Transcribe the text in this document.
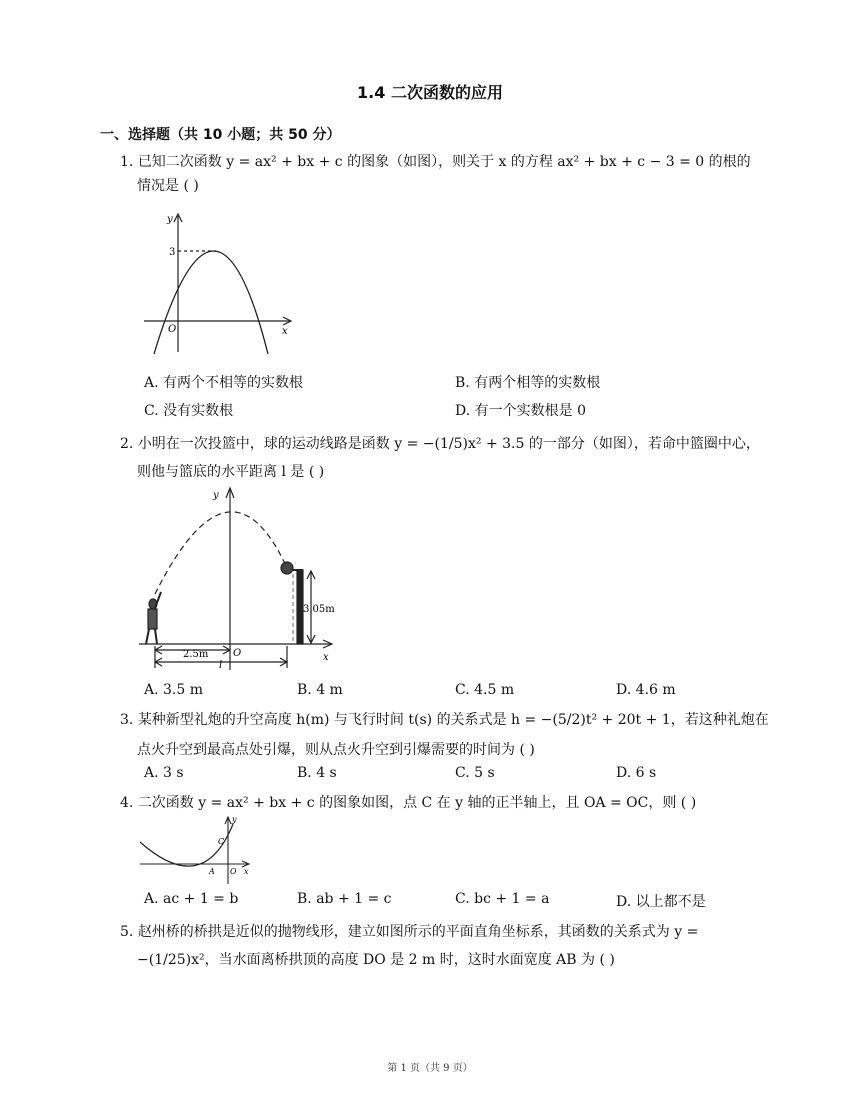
1.4 二次函数的应用
一、选择题（共 10 小题；共 50 分）
1. 已知二次函数 y = ax² + bx + c 的图象（如图），则关于 x 的方程 ax² + bx + c − 3 = 0 的根的
情况是 ( )
y
x
O
3
A. 有两个不相等的实数根	B. 有两个相等的实数根
C. 没有实数根	D. 有一个实数根是 0
2. 小明在一次投篮中，球的运动线路是函数 y = −(1/5)x² + 3.5 的一部分（如图），若命中篮圈中心，
则他与篮底的水平距离 l 是 ( )
y
x
O
2.5m
l
3.05m
A. 3.5 m	B. 4 m	C. 4.5 m	D. 4.6 m
3. 某种新型礼炮的升空高度 h(m) 与飞行时间 t(s) 的关系式是 h = −(5/2)t² + 20t + 1，若这种礼炮在
点火升空到最高点处引爆，则从点火升空到引爆需要的时间为 ( )
A. 3 s	B. 4 s	C. 5 s	D. 6 s
4. 二次函数 y = ax² + bx + c 的图象如图，点 C 在 y 轴的正半轴上，且 OA = OC，则 ( )
y
x
O
A
C
A. ac + 1 = b	B. ab + 1 = c	C. bc + 1 = a	D. 以上都不是
5. 赵州桥的桥拱是近似的抛物线形，建立如图所示的平面直角坐标系，其函数的关系式为 y =
−(1/25)x²，当水面离桥拱顶的高度 DO 是 2 m 时，这时水面宽度 AB 为 ( )
第 1 页（共 9 页）
